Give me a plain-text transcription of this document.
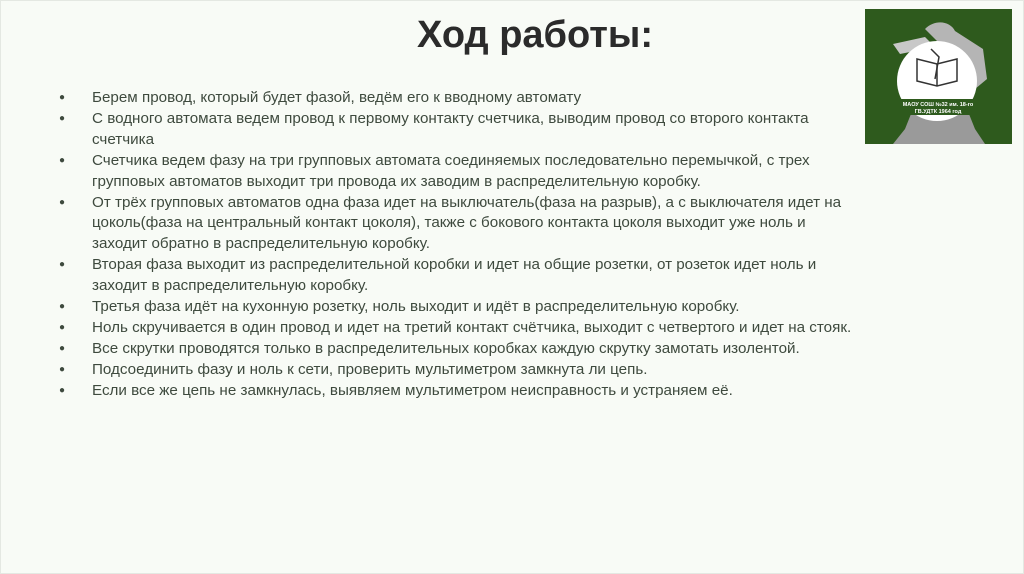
Ход работы:
● Берем провод, который будет фазой, ведём его к вводному автомату
● С водного автомата ведем провод к первому контакту счетчика, выводим провод со второго контакта счетчика
● Счетчика ведем фазу на три групповых автомата соединяемых последовательно перемычкой, с трех групповых автоматов выходит три провода их заводим в распределительную коробку.
● От трёх групповых автоматов одна фаза идет на выключатель(фаза на разрыв), а с выключателя идет на цоколь(фаза на центральный контакт цоколя), также с бокового контакта цоколя выходит уже ноль и заходит обратно в распределительную коробку.
● Вторая фаза выходит из распределительной коробки и идет на общие розетки, от розеток идет ноль и заходит в распределительную коробку.
● Третья фаза идёт на кухонную розетку, ноль выходит и идёт в распределительную коробку.
● Ноль скручивается в один провод и идет на третий контакт счётчика, выходит с четвертого и идет на стояк.
● Все скрутки проводятся только в распределительных коробках каждую скрутку замотать изолентой.
● Подсоединить фазу и ноль к сети, проверить мультиметром замкнута ли цепь.
● Если все же цепь не замкнулась, выявляем мультиметром неисправность и устраняем её.
МАОУ СОШ №32 им. 18-го
ГВ.УДТК 1964 год
